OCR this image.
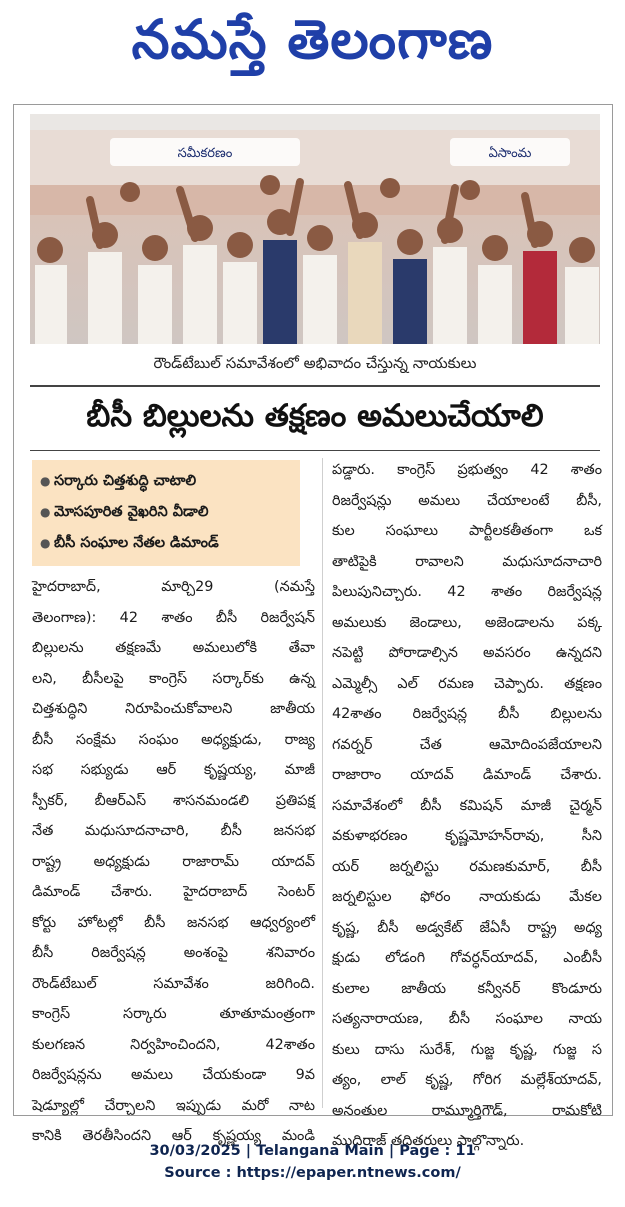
నమస్తే తెలంగాణ
సమీకరణం	ఏసాంమ
రౌండ్‌టేబుల్‌ సమావేశంలో అభివాదం చేస్తున్న నాయకులు
బీసీ బిల్లులను తక్షణం అమలుచేయాలి
● సర్కారు చిత్తశుద్ధి చాటాలి
● మోసపూరిత వైఖరిని వీడాలి
● బీసీ సంఘాల నేతల డిమాండ్‌

హైదరాబాద్‌, మార్చి29 (నమస్తే

తెలంగాణ): 42 శాతం బీసీ రిజర్వేషన్‌

బిల్లులను తక్షణమే అమలులోకి తేవా

లని, బీసీలపై కాంగ్రెస్‌ సర్కార్‌కు ఉన్న

చిత్తశుద్ధిని నిరూపించుకోవాలని జాతీయ

బీసీ సంక్షేమ సంఘం అధ్యక్షుడు, రాజ్య

సభ సభ్యుడు ఆర్‌ కృష్ణయ్య, మాజీ

స్పీకర్‌, బీఆర్‌ఎస్‌ శాసనమండలి ప్రతిపక్ష

నేత మధుసూదనాచారి, బీసీ జనసభ

రాష్ట్ర అధ్యక్షుడు రాజారామ్‌ యాదవ్‌

డిమాండ్‌ చేశారు. హైదరాబాద్‌ సెంటర్‌

కోర్టు హోటల్లో బీసీ జనసభ ఆధ్వర్యంలో

బీసీ రిజర్వేషన్ల అంశంపై శనివారం

రౌండ్‌టేబుల్‌ సమావేశం జరిగింది.

కాంగ్రెస్‌ సర్కారు తూతూమంత్రంగా

కులగణన నిర్వహించిందని, 42శాతం

రిజర్వేషన్లను అమలు చేయకుండా 9వ

షెడ్యూల్లో చేర్చాలని ఇప్పుడు మరో నాట

కానికి తెరతీసిందని ఆర్‌ కృష్ణయ్య మండి

పడ్డారు. కాంగ్రెస్‌ ప్రభుత్వం 42 శాతం

రిజర్వేషన్లు అమలు చేయాలంటే బీసీ,

కుల సంఘాలు పార్టీలకతీతంగా ఒక

తాటిపైకి రావాలని మధుసూదనాచారి

పిలుపునిచ్చారు. 42 శాతం రిజర్వేషన్ల

అమలుకు జెండాలు, అజెండాలను పక్క

నపెట్టి పోరాడాల్సిన అవసరం ఉన్నదని

ఎమ్మెల్సీ ఎల్‌ రమణ చెప్పారు. తక్షణం

42శాతం రిజర్వేషన్ల బీసీ బిల్లులను

గవర్నర్‌ చేత ఆమోదింపజేయాలని

రాజారాం యాదవ్‌ డిమాండ్‌ చేశారు.

సమావేశంలో బీసీ కమిషన్‌ మాజీ చైర్మన్‌

వకుళాభరణం కృష్ణమోహన్‌రావు, సీని

యర్‌ జర్నలిస్టు రమణకుమార్‌, బీసీ

జర్నలిస్టుల ఫోరం నాయకుడు మేకల

కృష్ణ, బీసీ అడ్వకేట్‌ జేఏసీ రాష్ట్ర అధ్య

క్షుడు లోడంగి గోవర్ధన్‌యాదవ్‌, ఎంబీసీ

కులాల జాతీయ కన్వీనర్‌ కొండూరు

సత్యనారాయణ, బీసీ సంఘాల నాయ

కులు దాసు సురేశ్‌, గుజ్జ కృష్ణ, గుజ్జ స

త్యం, లాల్‌ కృష్ణ, గోరిగ మల్లేశ్‌యాదవ్‌,

అనంతుల రామ్మూర్తిగౌడ్‌, రామకోటి

ముదిరాజ్‌ తదితరులు పాల్గొన్నారు.

30/03/2025 | Telangana Main | Page : 11
Source : https://epaper.ntnews.com/
